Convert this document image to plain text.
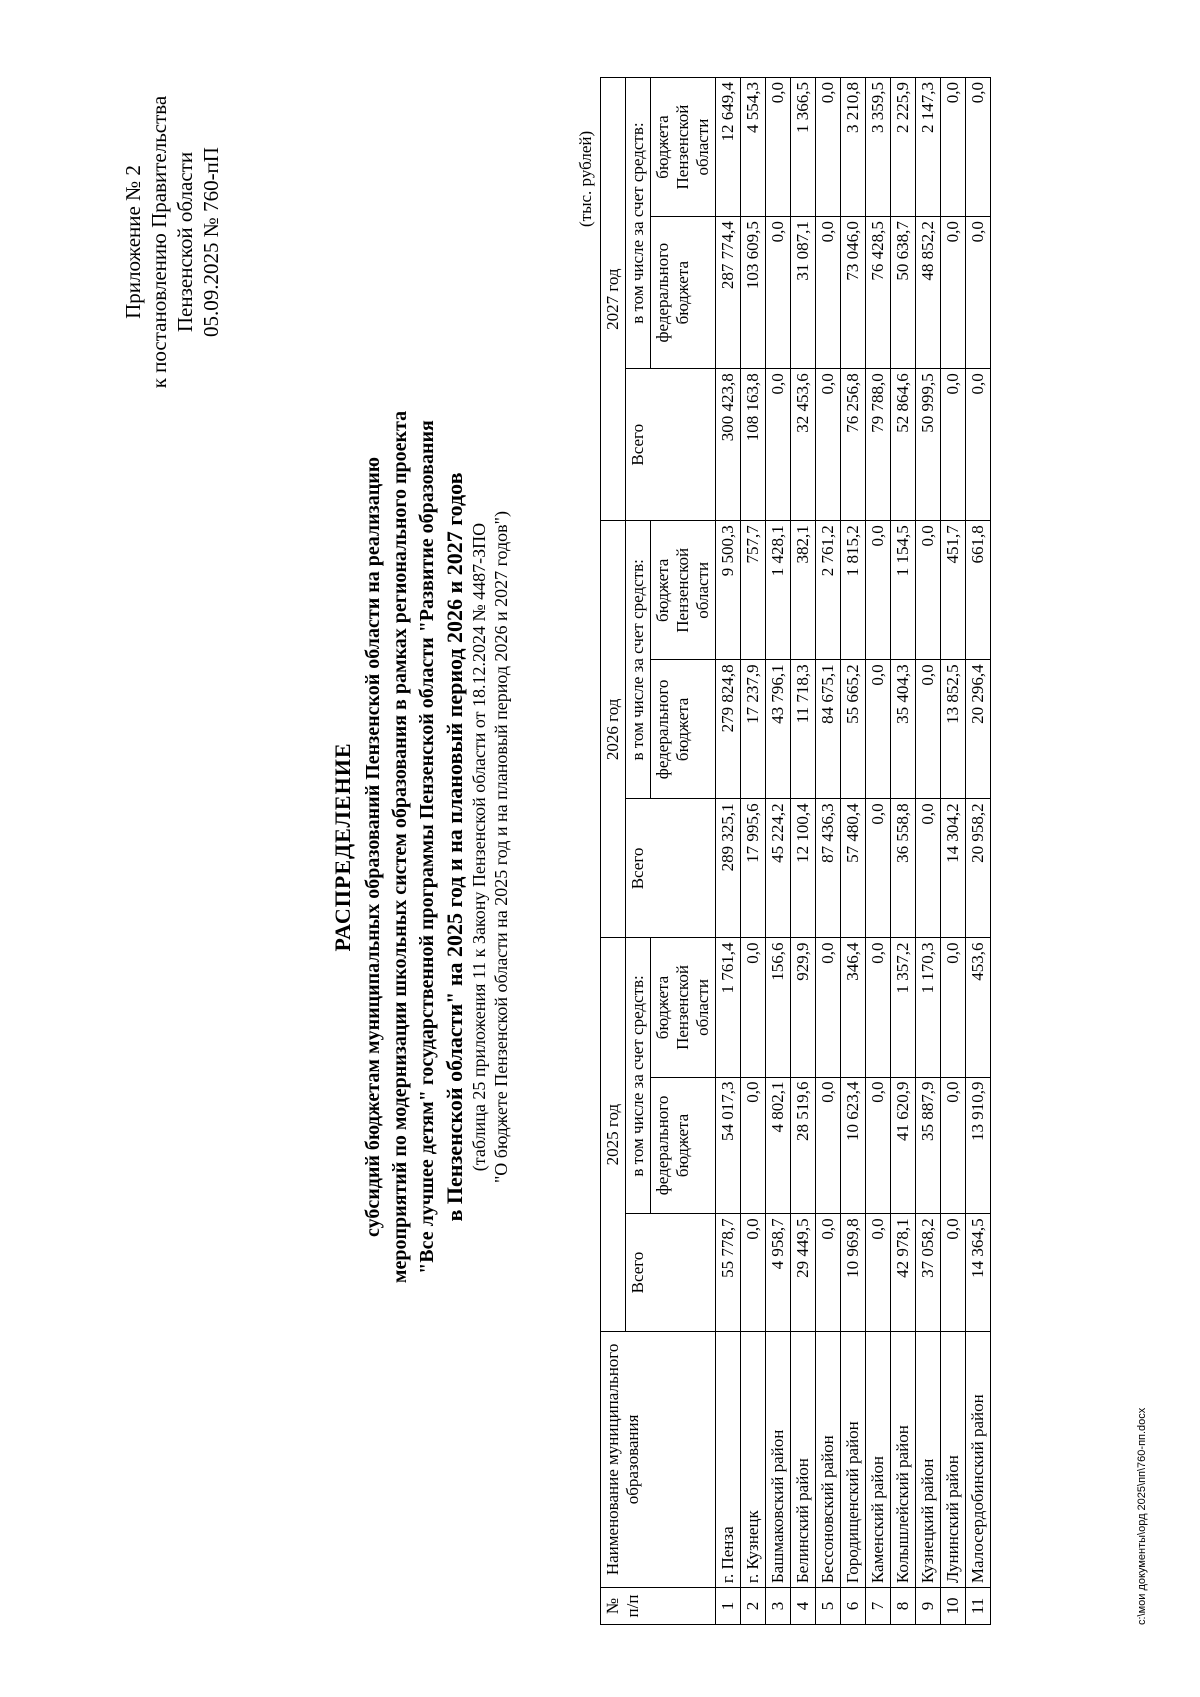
Приложение № 2 к постановлению Правительства Пензенской области 05.09.2025 № 760-пП
РАСПРЕДЕЛЕНИЕ субсидий бюджетам муниципальных образований Пензенской области на реализацию мероприятий по модернизации школьных систем образования в рамках регионального проекта "Все лучшее детям" государственной программы Пензенской области "Развитие образования в Пензенской области" на 2025 год и на плановый период 2026 и 2027 годов (таблица 25 приложения 11 к Закону Пензенской области от 18.12.2024 № 4487-ЗПО "О бюджете Пензенской области на 2025 год и на плановый период 2026 и 2027 годов")
(тыс. рублей)
№ п/п	Наименование муниципального образования	2025 год			2026 год			2027 год		
		Всего	в том числе за счет средств:		Всего	в том числе за счет средств:		Всего	в том числе за счет средств:	
			федерального бюджета	бюджета Пензенской области		федерального бюджета	бюджета Пензенской области		федерального бюджета	бюджета Пензенской области
1	г. Пенза	55 778,7	54 017,3	1 761,4	289 325,1	279 824,8	9 500,3	300 423,8	287 774,4	12 649,4
2	г. Кузнецк	0,0	0,0	0,0	17 995,6	17 237,9	757,7	108 163,8	103 609,5	4 554,3
3	Башмаковский район	4 958,7	4 802,1	156,6	45 224,2	43 796,1	1 428,1	0,0	0,0	0,0
4	Белинский район	29 449,5	28 519,6	929,9	12 100,4	11 718,3	382,1	32 453,6	31 087,1	1 366,5
5	Бессоновский район	0,0	0,0	0,0	87 436,3	84 675,1	2 761,2	0,0	0,0	0,0
6	Городищенский район	10 969,8	10 623,4	346,4	57 480,4	55 665,2	1 815,2	76 256,8	73 046,0	3 210,8
7	Каменский район	0,0	0,0	0,0	0,0	0,0	0,0	79 788,0	76 428,5	3 359,5
8	Колышлейский район	42 978,1	41 620,9	1 357,2	36 558,8	35 404,3	1 154,5	52 864,6	50 638,7	2 225,9
9	Кузнецкий район	37 058,2	35 887,9	1 170,3	0,0	0,0	0,0	50 999,5	48 852,2	2 147,3
10	Лунинский район	0,0	0,0	0,0	14 304,2	13 852,5	451,7	0,0	0,0	0,0
11	Малосердобинский район	14 364,5	13 910,9	453,6	20 958,2	20 296,4	661,8	0,0	0,0	0,0
c:\мои документы\орд 2025\пп\760-пп.docx
